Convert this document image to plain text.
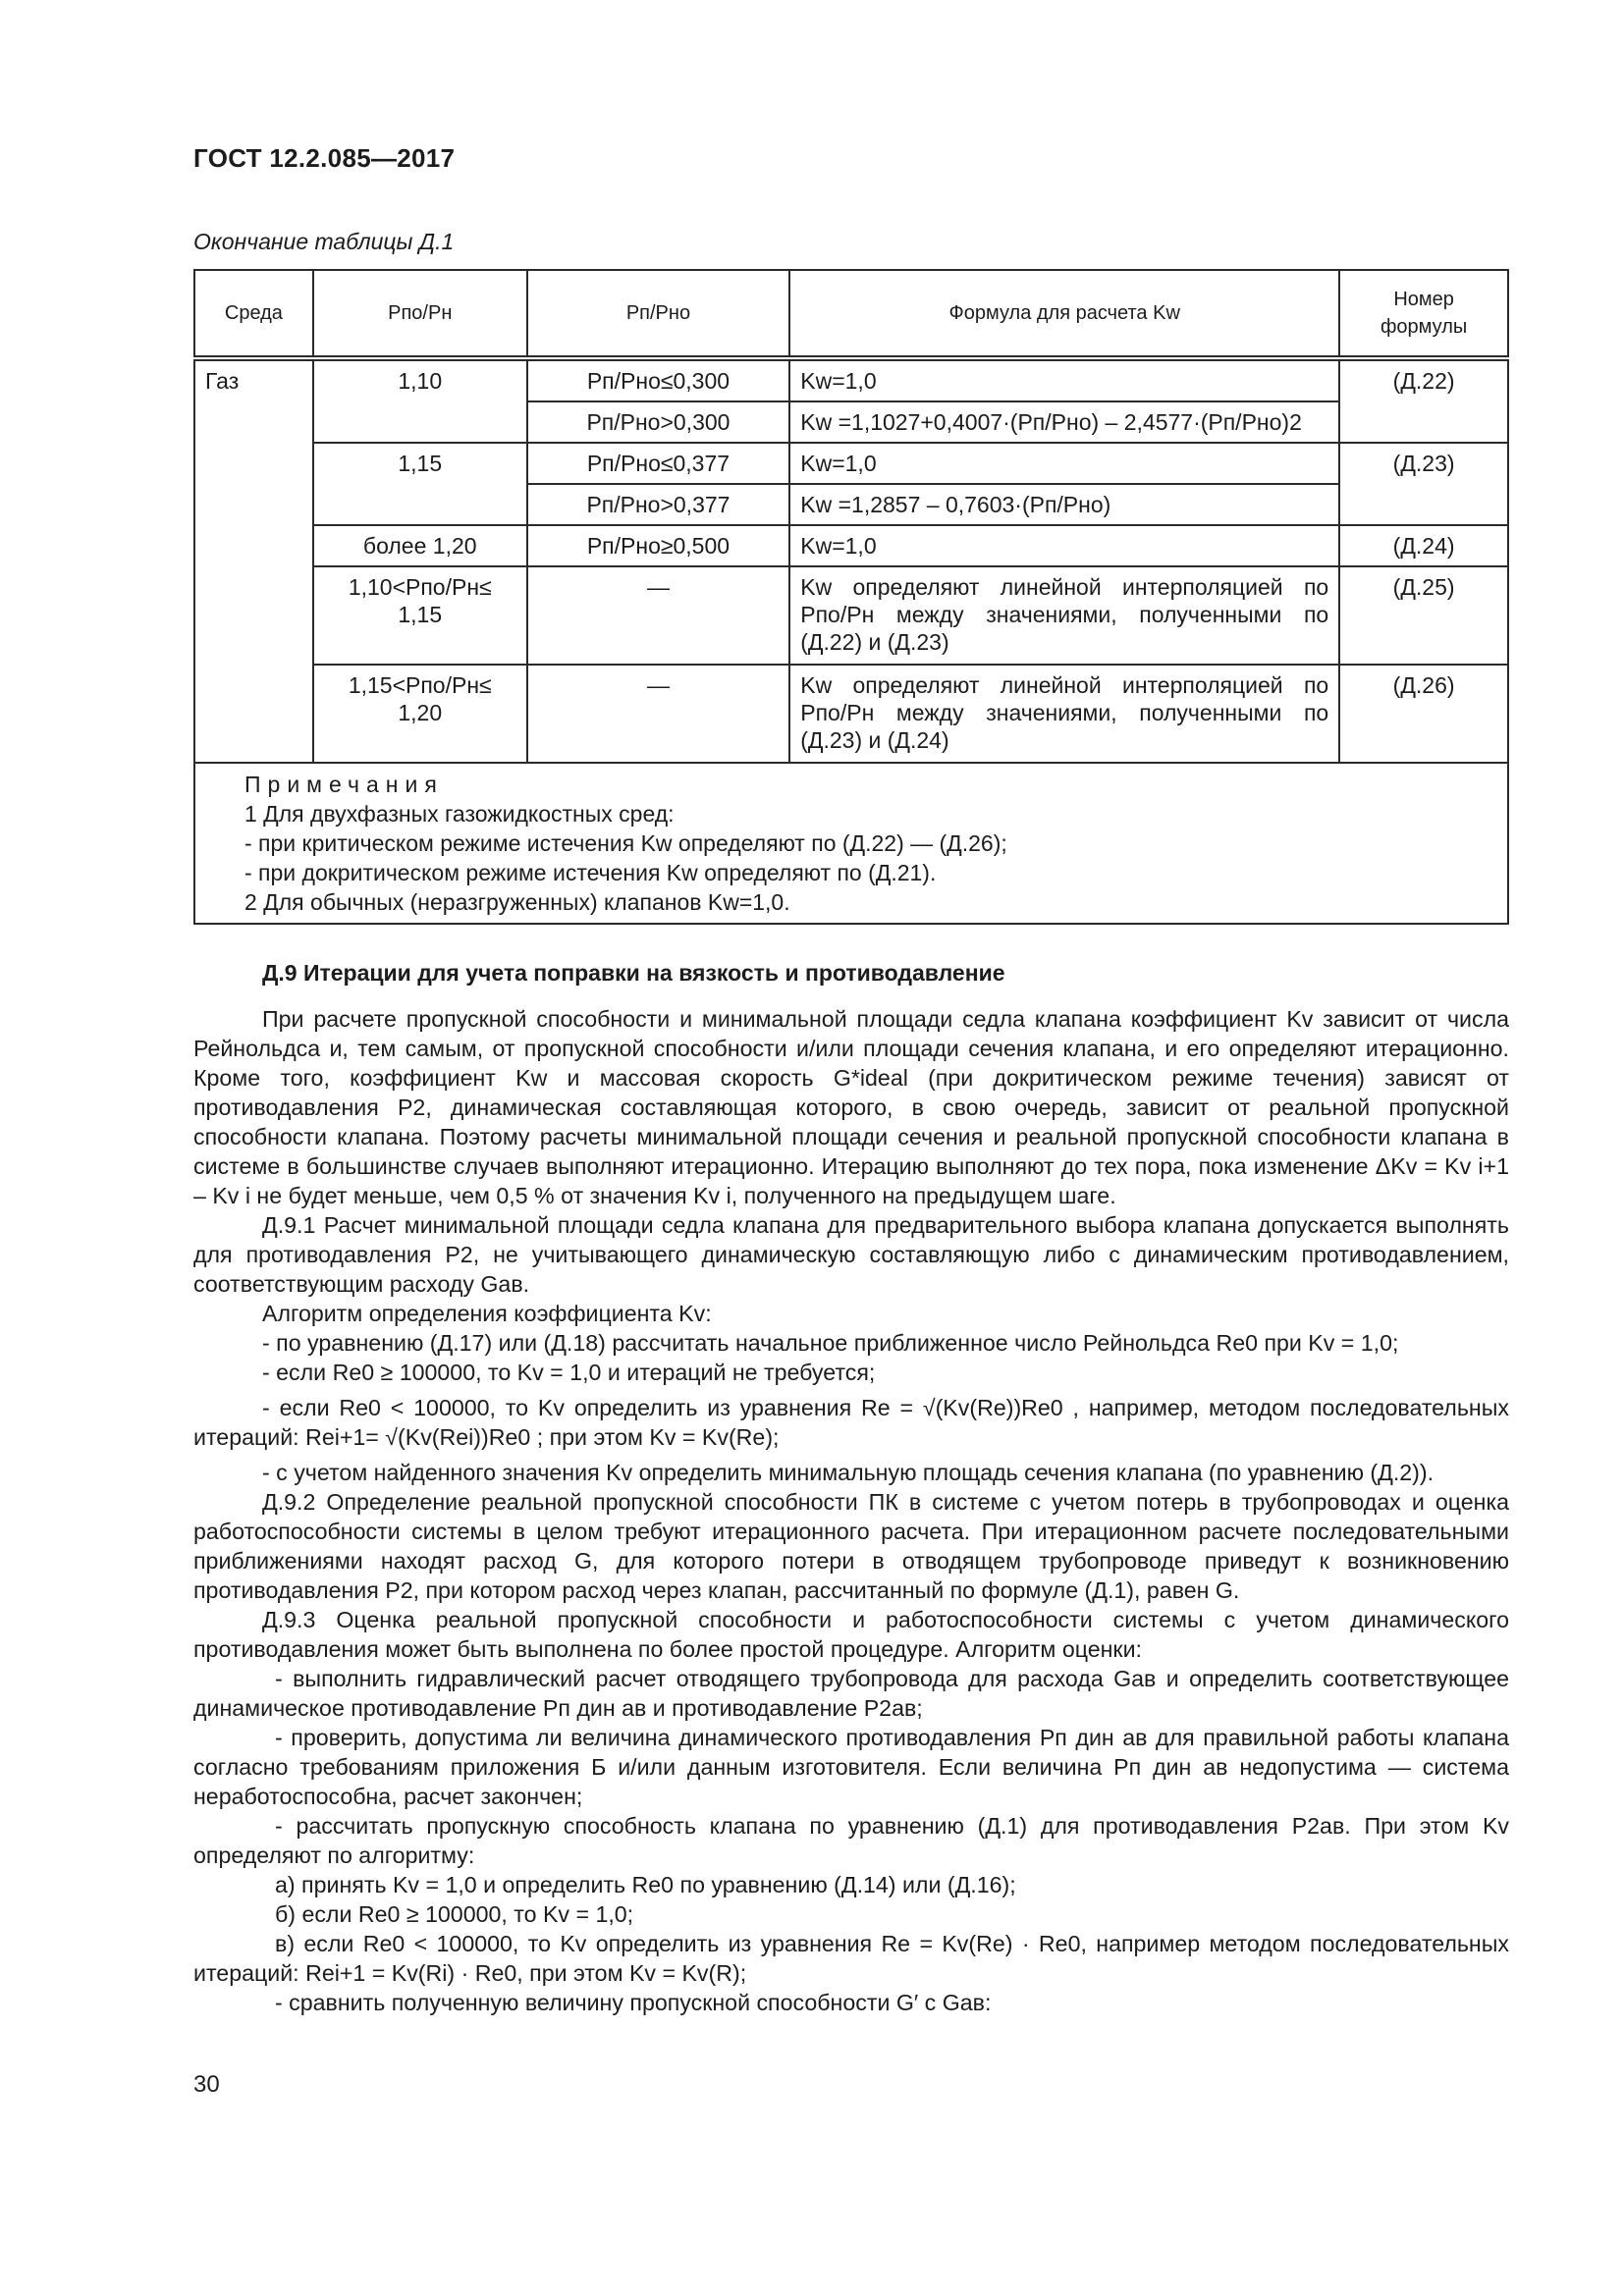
ГОСТ 12.2.085—2017
Окончание таблицы Д.1
Среда	Pпо/Pн	Pп/Pно	Формула для расчета Kw	Номер формулы
Газ	1,10	Pп/Pно≤0,300	Kw=1,0	(Д.22)
		Pп/Pно>0,300	Kw =1,1027+0,4007·(Pп/Pно) – 2,4577·(Pп/Pно)2	
	1,15	Pп/Pно≤0,377	Kw=1,0	(Д.23)
		Pп/Pно>0,377	Kw =1,2857 – 0,7603·(Pп/Pно)	
	более 1,20	Pп/Pно≥0,500	Kw=1,0	(Д.24)
	1,10<Pпо/Pн≤ 1,15	—	Kw определяют линейной интерполяцией по Pпо/Pн между значениями, полученными по (Д.22) и (Д.23)	(Д.25)
	1,15<Pпо/Pн≤ 1,20	—	Kw определяют линейной интерполяцией по Pпо/Pн между значениями, полученными по (Д.23) и (Д.24)	(Д.26)

Примечания
1 Для двухфазных газожидкостных сред:
- при критическом режиме истечения Kw определяют по (Д.22) — (Д.26);
- при докритическом режиме истечения Kw определяют по (Д.21).
2 Для обычных (неразгруженных) клапанов Kw=1,0.				
Д.9 Итерации для учета поправки на вязкость и противодавление

При расчете пропускной способности и минимальной площади седла клапана коэффициент Kv зависит от числа Рейнольдса и, тем самым, от пропускной способности и/или площади сечения клапана, и его определяют итерационно. Кроме того, коэффициент Kw и массовая скорость G*ideal (при докритическом режиме течения) зависят от противодавления P2, динамическая составляющая которого, в свою очередь, зависит от реальной пропускной способности клапана. Поэтому расчеты минимальной площади сечения и реальной пропускной способности клапана в системе в большинстве случаев выполняют итерационно. Итерацию выполняют до тех пора, пока изменение ΔKv = Kv i+1 – Kv i не будет меньше, чем 0,5 % от значения Kv i, полученного на предыдущем шаге.

Д.9.1 Расчет минимальной площади седла клапана для предварительного выбора клапана допускается выполнять для противодавления P2, не учитывающего динамическую составляющую либо с динамическим противодавлением, соответствующим расходу Gав.

Алгоритм определения коэффициента Kv:

- по уравнению (Д.17) или (Д.18) рассчитать начальное приближенное число Рейнольдса Re0 при Kv = 1,0;

- если Re0 ≥ 100000, то Kv = 1,0 и итераций не требуется;

- если Re0 < 100000, то Kv определить из уравнения Re = √(Kv(Re))Re0 , например, методом последовательных итераций: Rei+1= √(Kv(Rei))Re0 ; при этом Kv = Kv(Re);

- с учетом найденного значения Kv определить минимальную площадь сечения клапана (по уравнению (Д.2)).

Д.9.2 Определение реальной пропускной способности ПК в системе с учетом потерь в трубопроводах и оценка работоспособности системы в целом требуют итерационного расчета. При итерационном расчете последовательными приближениями находят расход G, для которого потери в отводящем трубопроводе приведут к возникновению противодавления P2, при котором расход через клапан, рассчитанный по формуле (Д.1), равен G.

Д.9.3 Оценка реальной пропускной способности и работоспособности системы с учетом динамического противодавления может быть выполнена по более простой процедуре. Алгоритм оценки:

- выполнить гидравлический расчет отводящего трубопровода для расхода Gав и определить соответствующее динамическое противодавление Pп дин ав и противодавление P2ав;

- проверить, допустима ли величина динамического противодавления Pп дин ав для правильной работы клапана согласно требованиям приложения Б и/или данным изготовителя. Если величина Pп дин ав недопустима — система неработоспособна, расчет закончен;

- рассчитать пропускную способность клапана по уравнению (Д.1) для противодавления P2ав. При этом Kv определяют по алгоритму:

а) принять Kv = 1,0 и определить Re0 по уравнению (Д.14) или (Д.16);

б) если Re0 ≥ 100000, то Kv = 1,0;

в) если Re0 < 100000, то Kv определить из уравнения Re = Kv(Re) · Re0, например методом последовательных итераций: Rei+1 = Kv(Ri) · Re0, при этом Kv = Kv(R);

- сравнить полученную величину пропускной способности G′ с Gав:

30
